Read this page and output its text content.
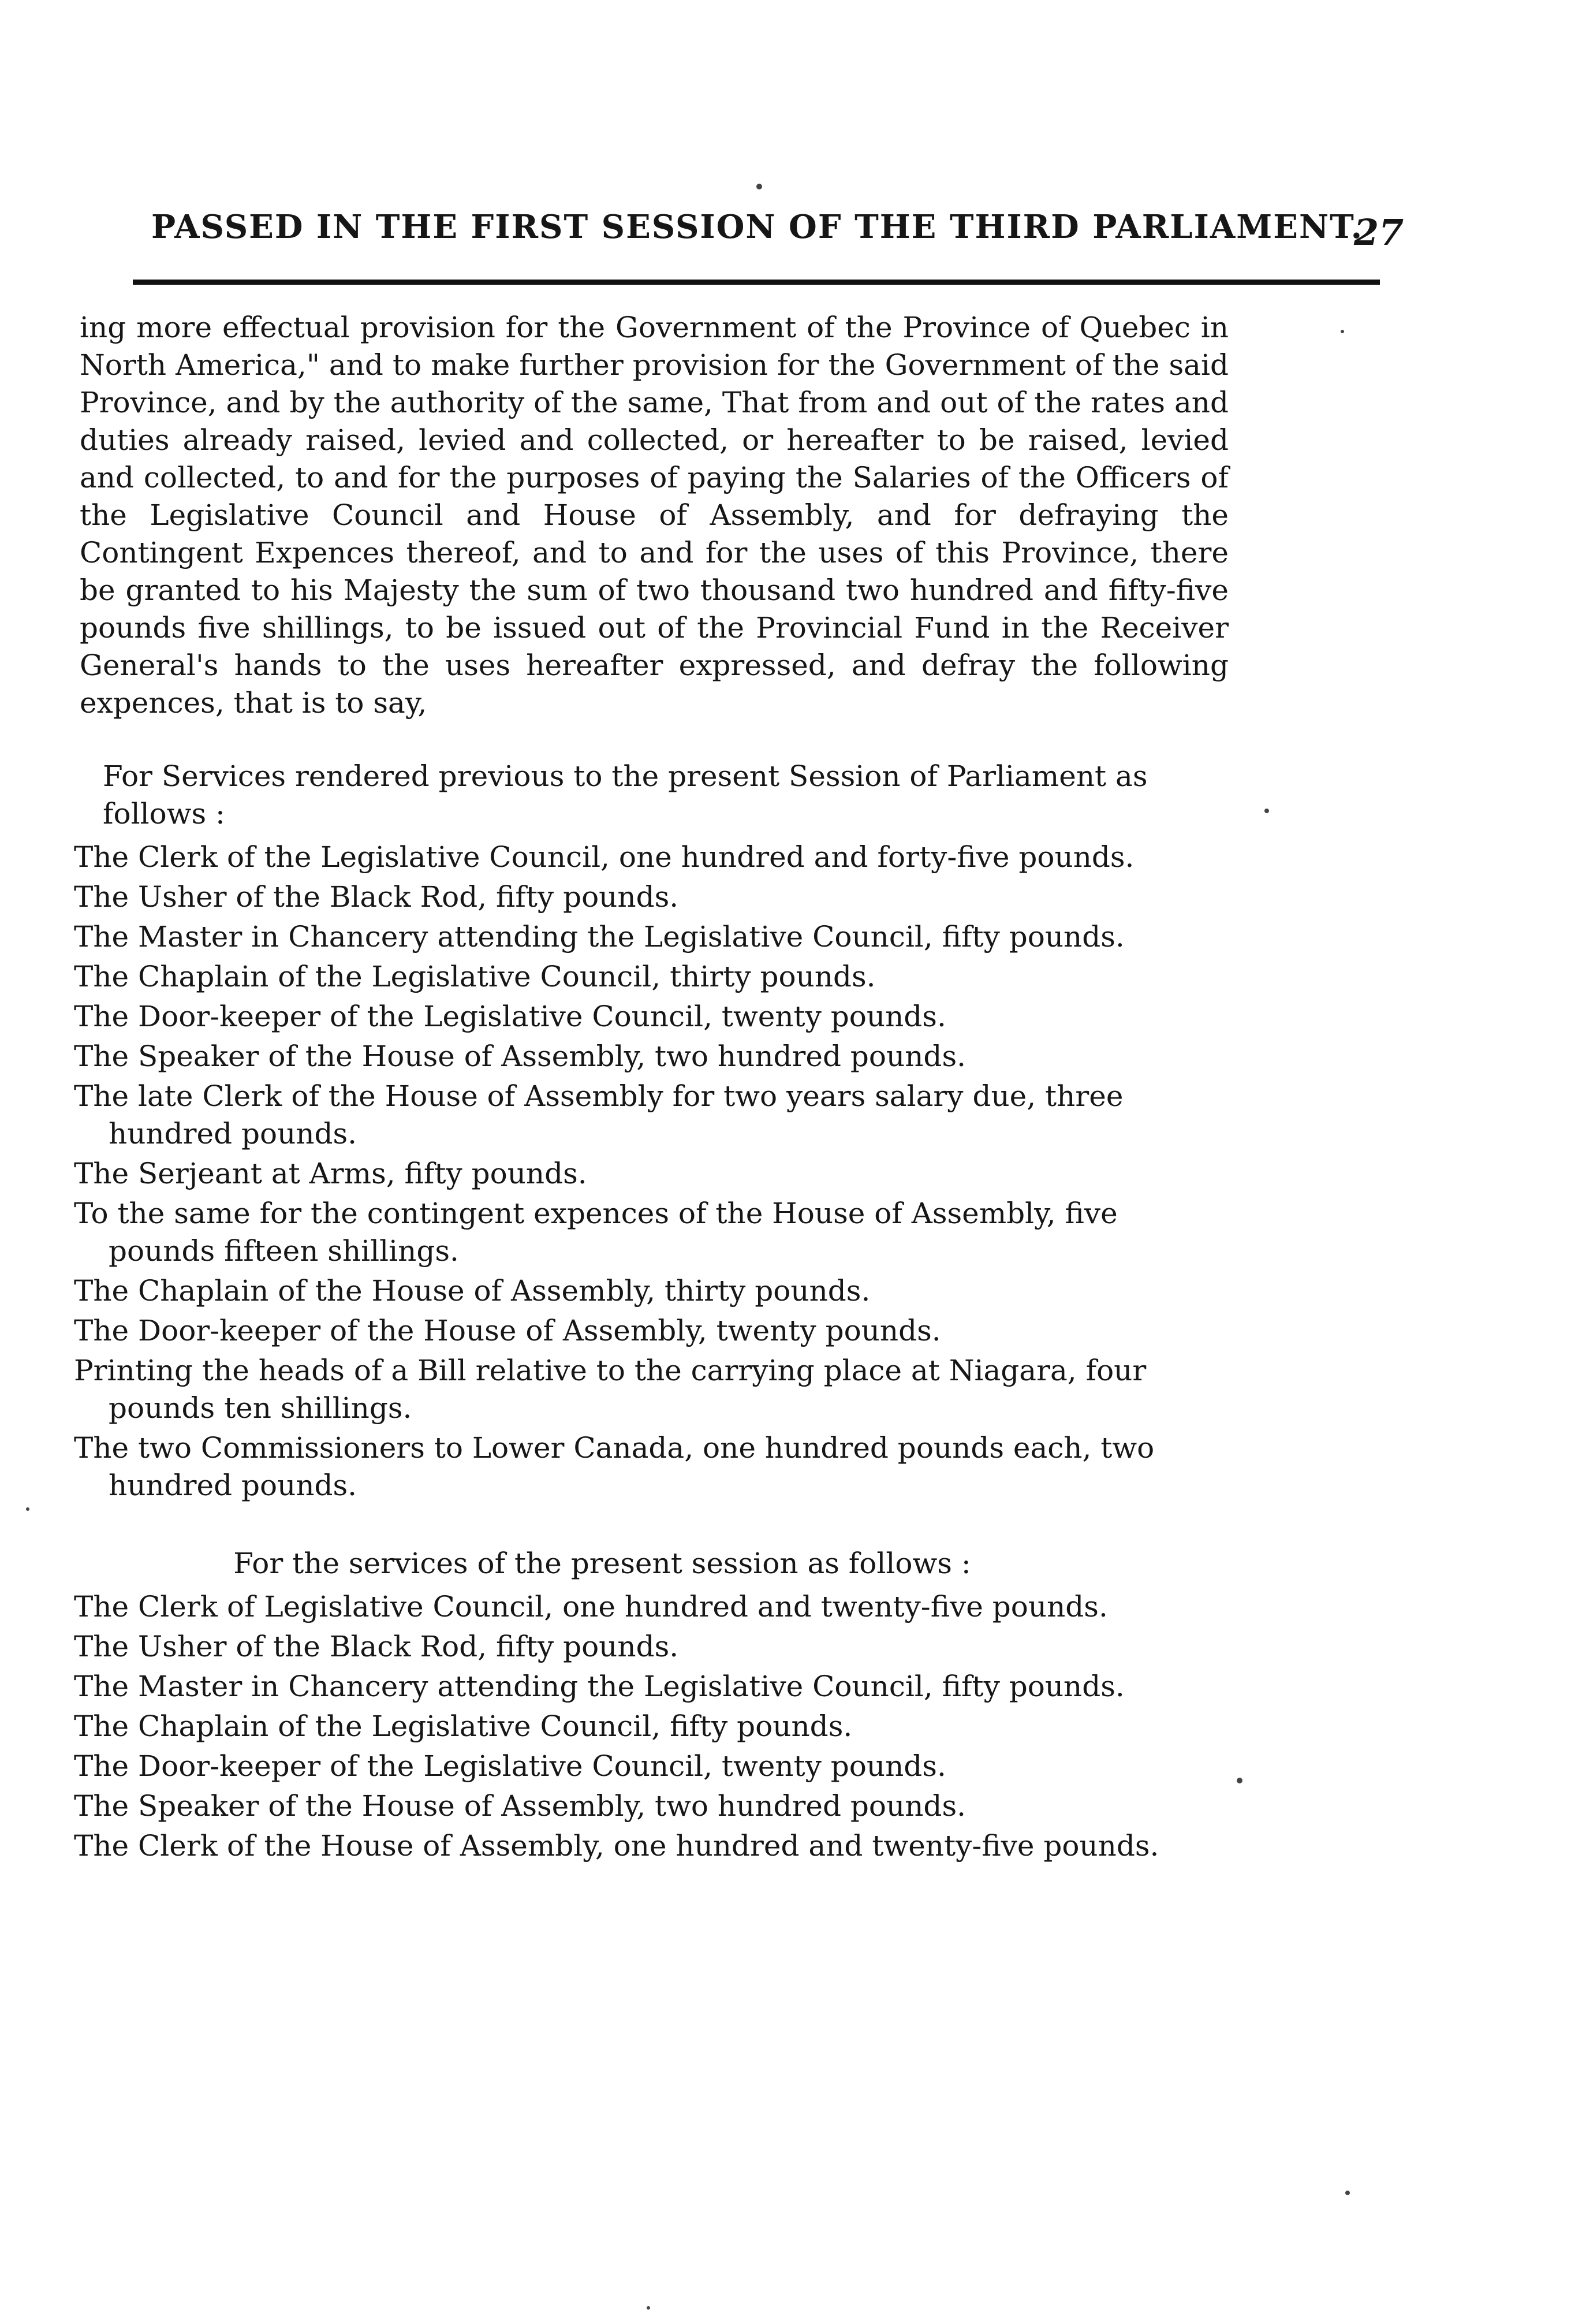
PASSED IN THE FIRST SESSION OF THE THIRD PARLIAMENT.
27

ing more effectual provision for the Government of the Province of Quebec in North America," and to make further provision for the Government of the said Province, and by the authority of the same, That from and out of the rates and duties already raised, levied and collected, or hereafter to be raised, levied and collected, to and for the purposes of paying the Salaries of the Officers of the Legislative Council and House of Assembly, and for defraying the Contingent Expences thereof, and to and for the uses of this Province, there be granted to his Majesty the sum of two thousand two hundred and fifty-five pounds five shillings, to be issued out of the Provincial Fund in the Receiver General's hands to the uses hereafter expressed, and defray the following expences, that is to say,

For Services rendered previous to the present Session of Parliament as follows :

The Clerk of the Legislative Council, one hundred and forty-five pounds.

The Usher of the Black Rod, fifty pounds.

The Master in Chancery attending the Legislative Council, fifty pounds.

The Chaplain of the Legislative Council, thirty pounds.

The Door-keeper of the Legislative Council, twenty pounds.

The Speaker of the House of Assembly, two hundred pounds.

The late Clerk of the House of Assembly for two years salary due, three hundred pounds.

The Serjeant at Arms, fifty pounds.

To the same for the contingent expences of the House of Assembly, five pounds fifteen shillings.

The Chaplain of the House of Assembly, thirty pounds.

The Door-keeper of the House of Assembly, twenty pounds.

Printing the heads of a Bill relative to the carrying place at Niagara, four pounds ten shillings.

The two Commissioners to Lower Canada, one hundred pounds each, two hundred pounds.

For the services of the present session as follows :

The Clerk of Legislative Council, one hundred and twenty-five pounds.

The Usher of the Black Rod, fifty pounds.

The Master in Chancery attending the Legislative Council, fifty pounds.

The Chaplain of the Legislative Council, fifty pounds.

The Door-keeper of the Legislative Council, twenty pounds.

The Speaker of the House of Assembly, two hundred pounds.

The Clerk of the House of Assembly, one hundred and twenty-five pounds.
